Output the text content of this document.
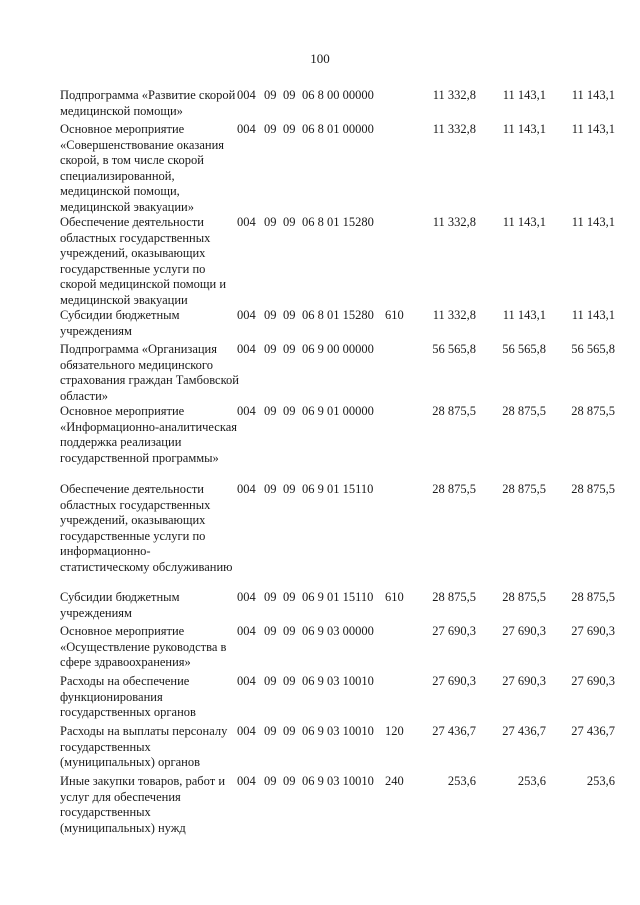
100
Подпрограмма «Развитие скорой медицинской помощи»
004 09 09 06 8 00 00000	11 332,8	11 143,1	11 143,1
Основное мероприятие «Совершенствование оказания скорой, в том числе скорой специализированной, медицинской помощи, медицинской эвакуации»
004 09 09 06 8 01 00000	11 332,8	11 143,1	11 143,1
Обеспечение деятельности областных государственных учреждений, оказывающих государственные услуги по скорой медицинской помощи и медицинской эвакуации
004 09 09 06 8 01 15280	11 332,8	11 143,1	11 143,1
Субсидии бюджетным учреждениям
004 09 09 06 8 01 15280 610	11 332,8	11 143,1	11 143,1
Подпрограмма «Организация обязательного медицинского страхования граждан Тамбовской области»
004 09 09 06 9 00 00000	56 565,8	56 565,8	56 565,8
Основное мероприятие «Информационно-аналитическая поддержка реализации государственной программы»
004 09 09 06 9 01 00000	28 875,5	28 875,5	28 875,5
Обеспечение деятельности областных государственных учреждений, оказывающих государственные услуги по информационно-статистическому обслуживанию
004 09 09 06 9 01 15110	28 875,5	28 875,5	28 875,5
Субсидии бюджетным учреждениям
004 09 09 06 9 01 15110 610	28 875,5	28 875,5	28 875,5
Основное мероприятие «Осуществление руководства в сфере здравоохранения»
004 09 09 06 9 03 00000	27 690,3	27 690,3	27 690,3
Расходы на обеспечение функционирования государственных органов
004 09 09 06 9 03 10010	27 690,3	27 690,3	27 690,3
Расходы на выплаты персоналу государственных (муниципальных) органов
004 09 09 06 9 03 10010 120	27 436,7	27 436,7	27 436,7
Иные закупки товаров, работ и услуг для обеспечения государственных (муниципальных) нужд
004 09 09 06 9 03 10010 240	253,6	253,6	253,6
